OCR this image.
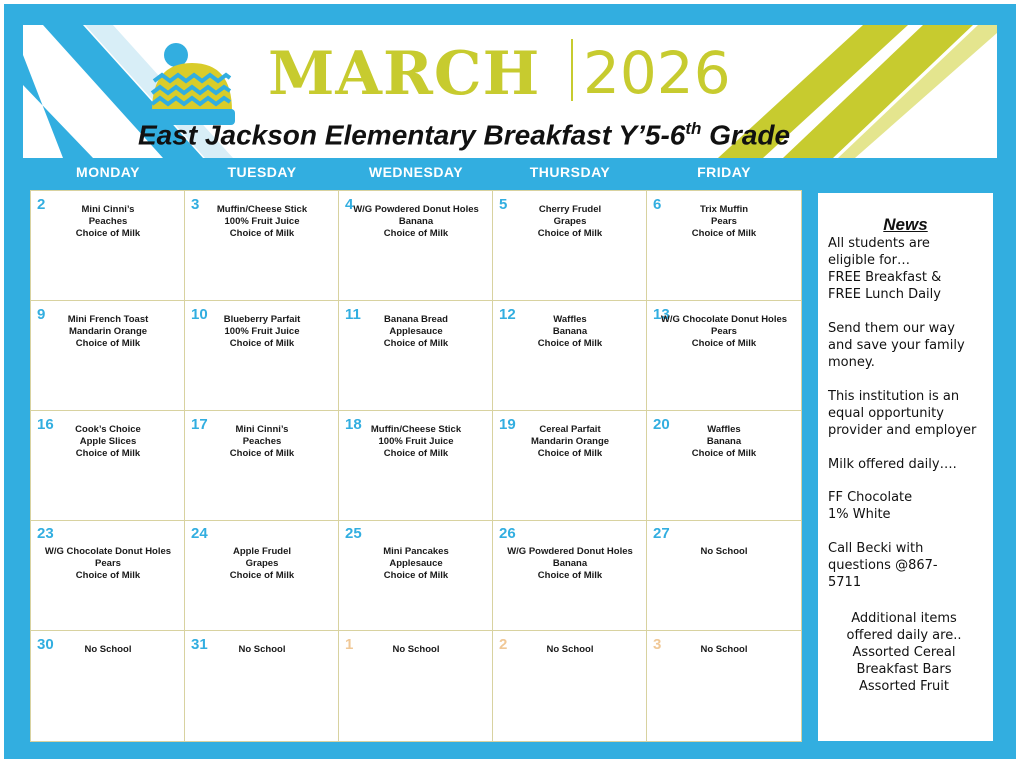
MARCH 2026
East Jackson Elementary Breakfast Y’5-6th Grade
MONDAY	TUESDAY	WEDNESDAY	THURSDAY	FRIDAY
2	Mini Cinni’s
Peaches
Choice of Milk
3	Muffin/Cheese Stick
100% Fruit Juice
Choice of Milk
4 W/G Powdered Donut Holes
Banana
Choice of Milk
5	Cherry Frudel
Grapes
Choice of Milk
6	Trix Muffin
Pears
Choice of Milk
9	Mini French Toast
Mandarin Orange
Choice of Milk
10	Blueberry Parfait
100% Fruit Juice
Choice of Milk
11	Banana Bread
Applesauce
Choice of Milk
12	Waffles
Banana
Choice of Milk
13
W/G Chocolate Donut Holes
Pears
Choice of Milk
16	Cook’s Choice
Apple Slices
Choice of Milk
17	Mini Cinni’s
Peaches
Choice of Milk
18 Muffin/Cheese Stick
100% Fruit Juice
Choice of Milk
19	Cereal Parfait
Mandarin Orange
Choice of Milk
20	Waffles
Banana
Choice of Milk
23
W/G Chocolate Donut Holes
Pears
Choice of Milk
24
Apple Frudel
Grapes
Choice of Milk
25
Mini Pancakes
Applesauce
Choice of Milk
26
W/G Powdered Donut Holes
Banana
Choice of Milk
27
No School
30	No School	31	No School	1	No School	2	No School	3	No School
News
All students are
eligible for…
FREE Breakfast &
FREE Lunch Daily
Send them our way
and save your family
money.
This institution is an
equal opportunity
provider and employer
Milk offered daily….
FF Chocolate
1% White
Call Becki with
questions @867-
5711
Additional items
offered daily are..
Assorted Cereal
Breakfast Bars
Assorted Fruit
